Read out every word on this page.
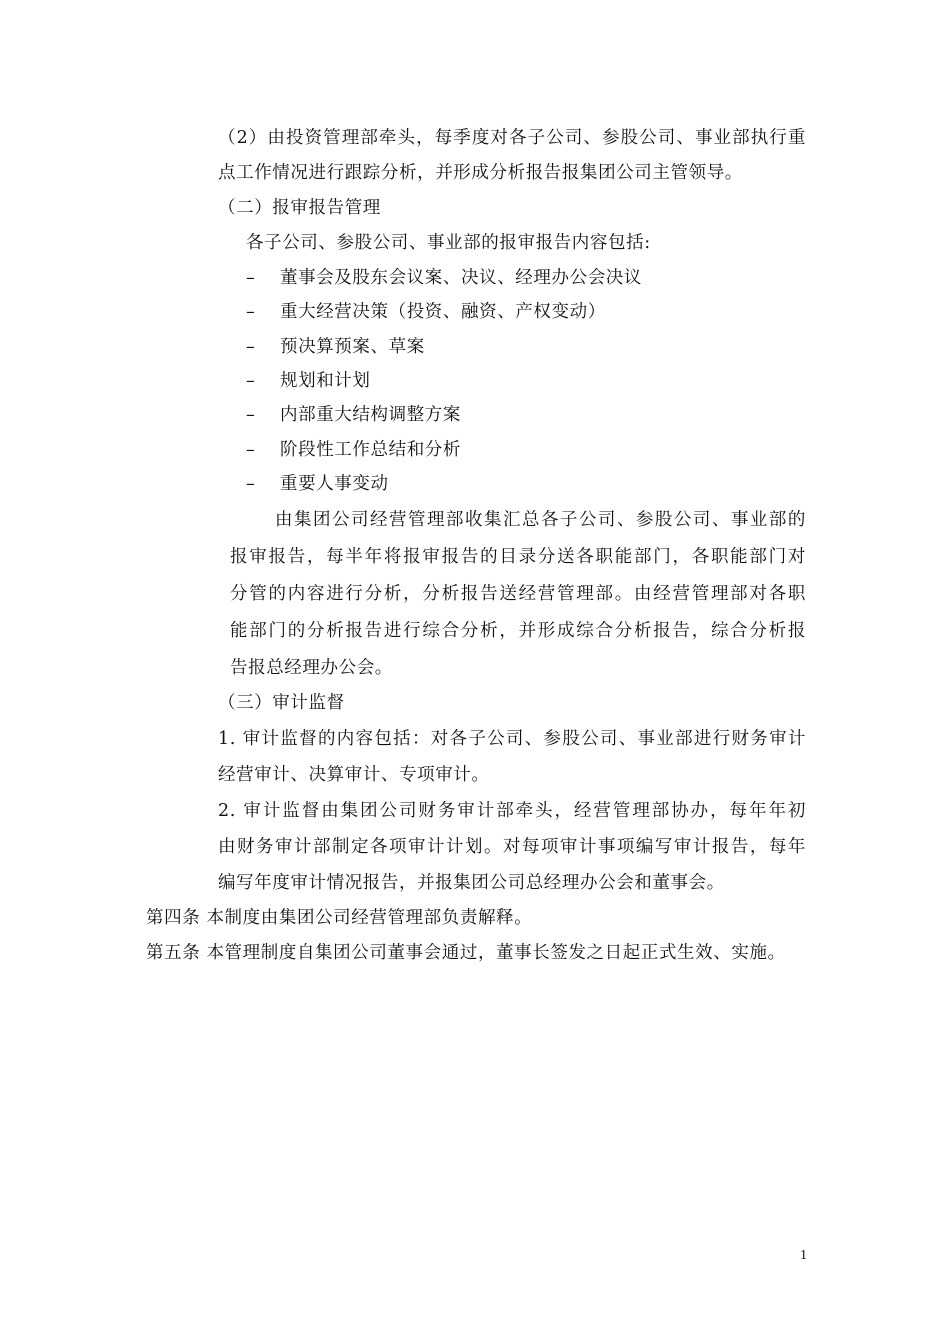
（2）由投资管理部牵头，每季度对各子公司、参股公司、事业部执行重
点工作情况进行跟踪分析，并形成分析报告报集团公司主管领导。
（二）报审报告管理
各子公司、参股公司、事业部的报审报告内容包括:
– 董事会及股东会议案、决议、经理办公会决议
– 重大经营决策（投资、融资、产权变动）
– 预决算预案、草案
– 规划和计划
– 内部重大结构调整方案
– 阶段性工作总结和分析
– 重要人事变动
由集团公司经营管理部收集汇总各子公司、参股公司、事业部的
报审报告，每半年将报审报告的目录分送各职能部门，各职能部门对
分管的内容进行分析，分析报告送经营管理部。由经营管理部对各职
能部门的分析报告进行综合分析，并形成综合分析报告，综合分析报
告报总经理办公会。
（三）审计监督
1. 审计监督的内容包括：对各子公司、参股公司、事业部进行财务审计
经营审计、决算审计、专项审计。
2. 审计监督由集团公司财务审计部牵头，经营管理部协办，每年年初
由财务审计部制定各项审计计划。对每项审计事项编写审计报告，每年
编写年度审计情况报告，并报集团公司总经理办公会和董事会。
第四条 本制度由集团公司经营管理部负责解释。
第五条 本管理制度自集团公司董事会通过，董事长签发之日起正式生效、实施。
1
